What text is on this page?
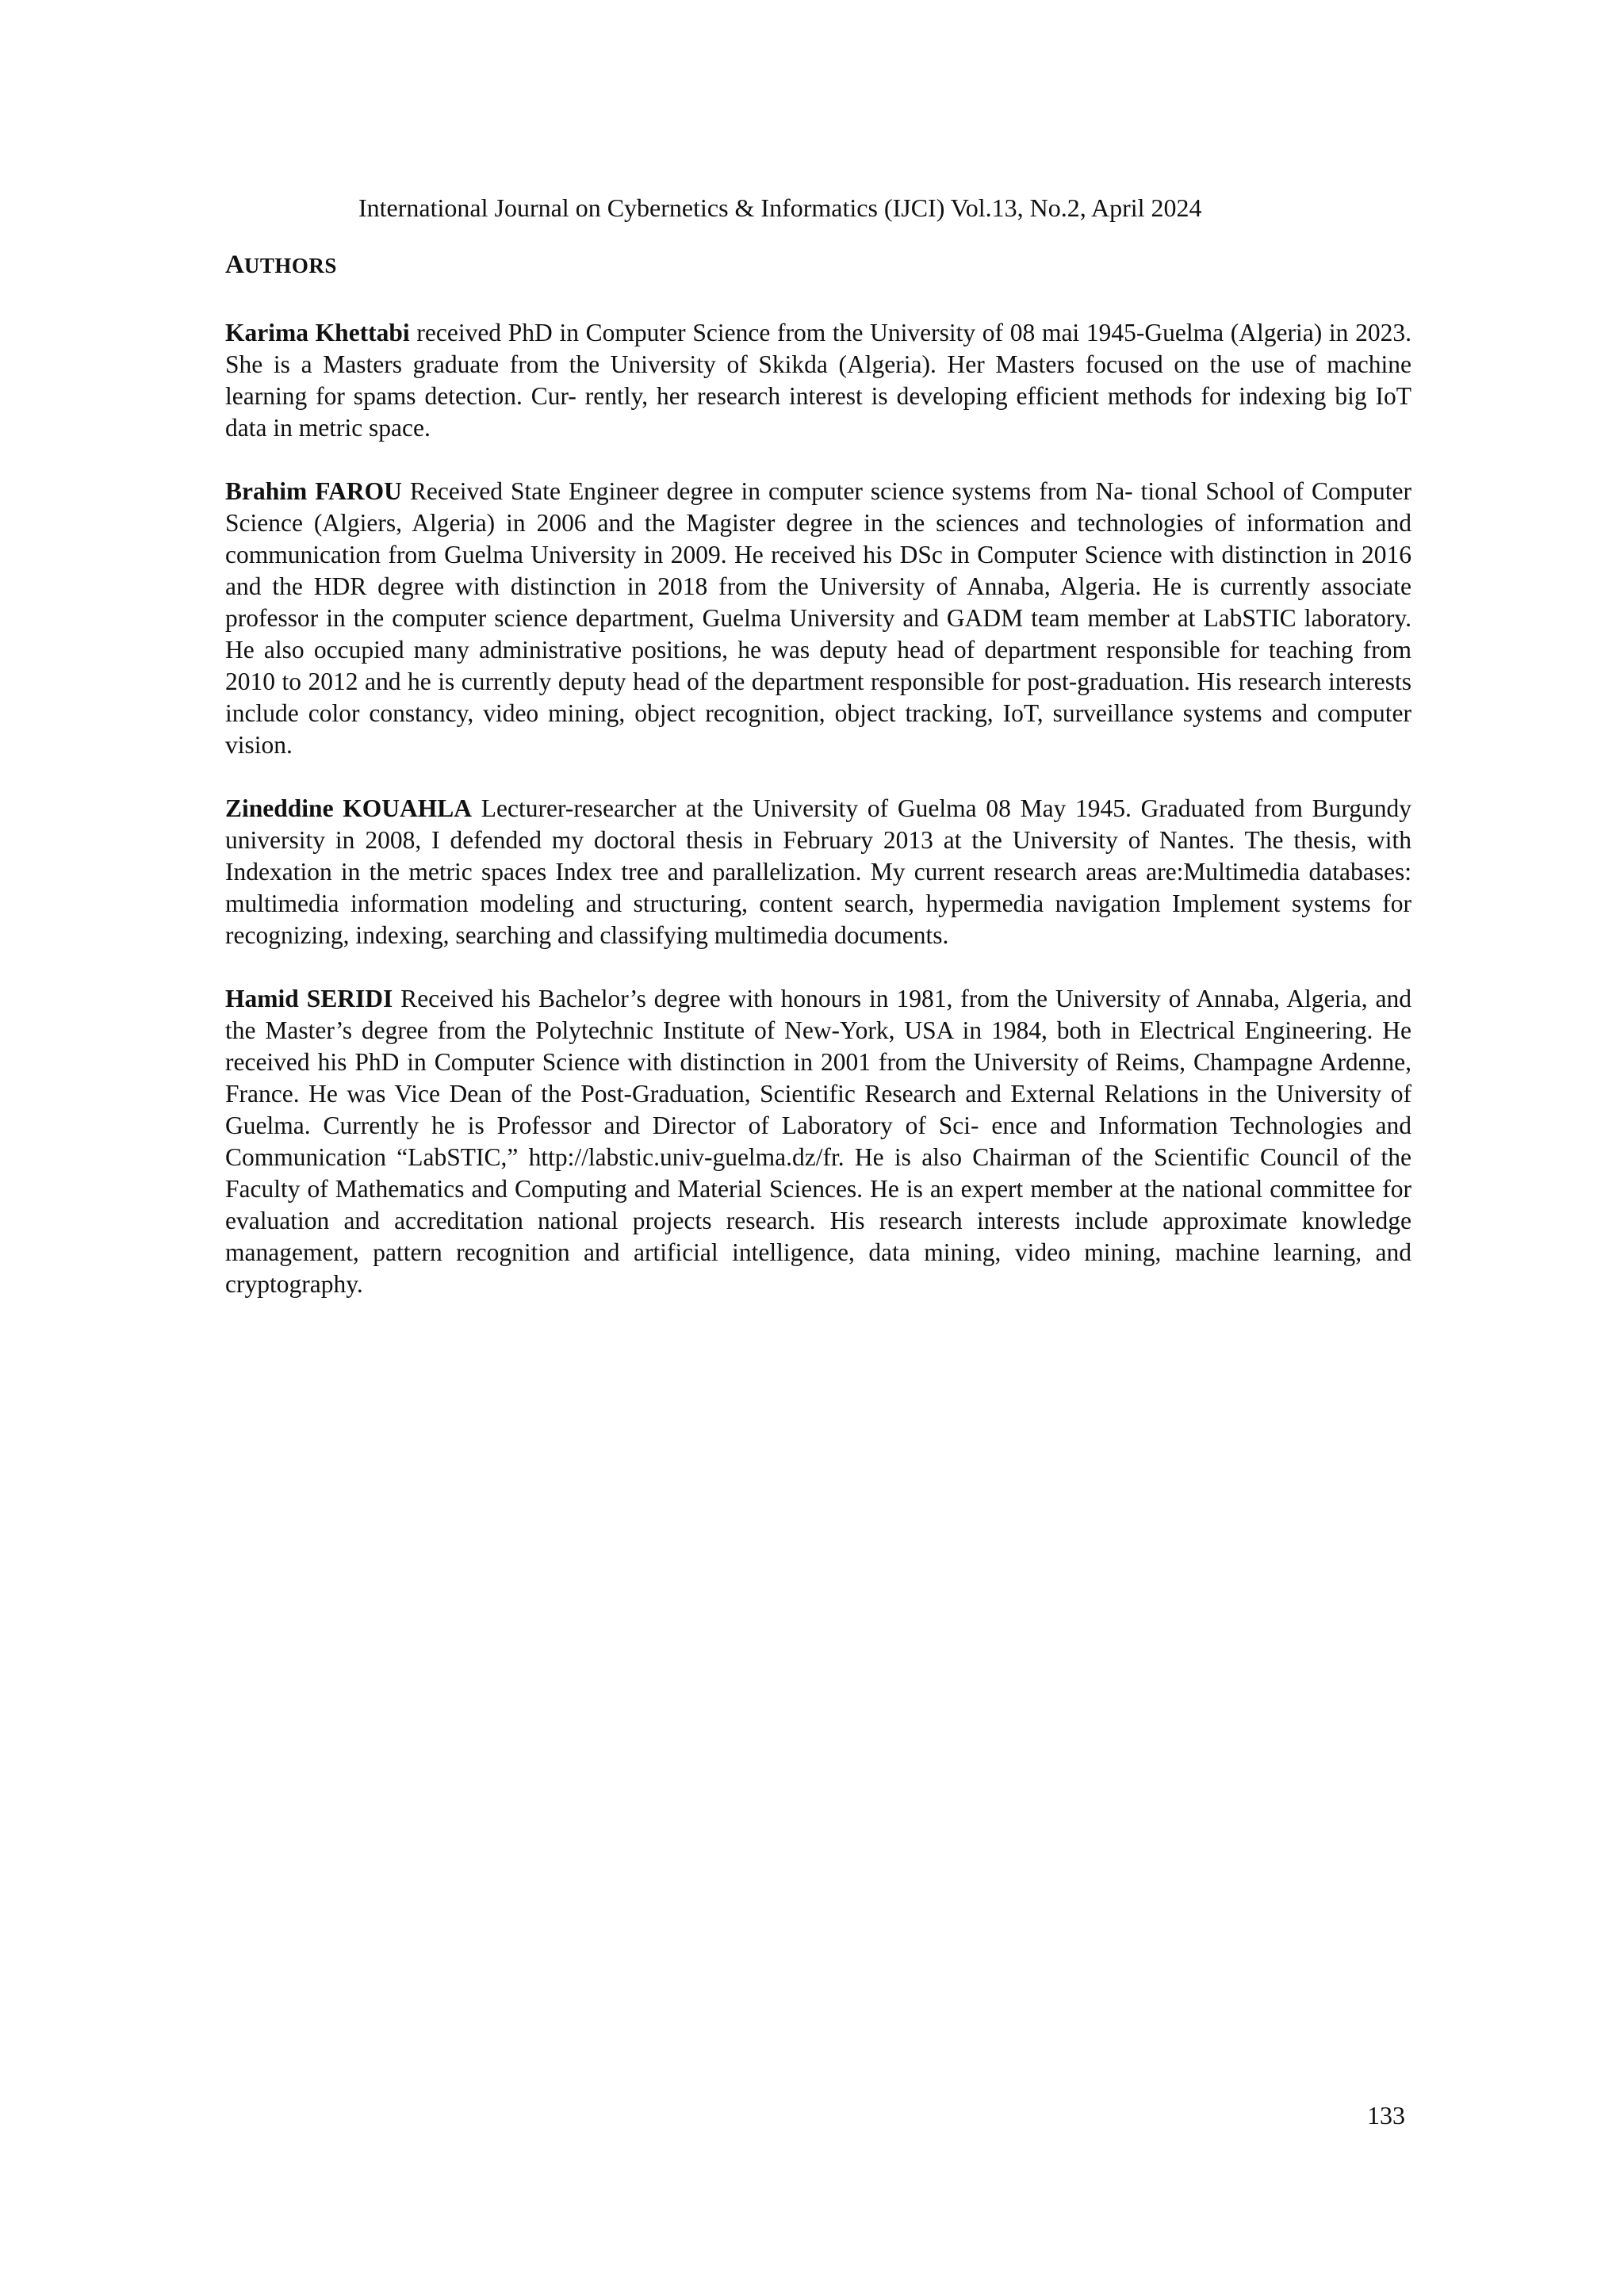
International Journal on Cybernetics & Informatics (IJCI) Vol.13, No.2, April 2024
AUTHORS

Karima Khettabi received PhD in Computer Science from the University of 08 mai 1945-Guelma (Algeria) in 2023. She is a Masters graduate from the University of Skikda (Algeria). Her Masters focused on the use of machine learning for spams detection. Cur- rently, her research interest is developing efficient methods for indexing big IoT data in metric space.

Brahim FAROU Received State Engineer degree in computer science systems from Na- tional School of Computer Science (Algiers, Algeria) in 2006 and the Magister degree in the sciences and technologies of information and communication from Guelma University in 2009. He received his DSc in Computer Science with distinction in 2016 and the HDR degree with distinction in 2018 from the University of Annaba, Algeria. He is currently associate professor in the computer science department, Guelma University and GADM team member at LabSTIC laboratory. He also occupied many administrative positions, he was deputy head of department responsible for teaching from 2010 to 2012 and he is currently deputy head of the department responsible for post-graduation. His research interests include color constancy, video mining, object recognition, object tracking, IoT, surveillance systems and computer vision.

Zineddine KOUAHLA Lecturer-researcher at the University of Guelma 08 May 1945. Graduated from Burgundy university in 2008, I defended my doctoral thesis in February 2013 at the University of Nantes. The thesis, with Indexation in the metric spaces Index tree and parallelization. My current research areas are:Multimedia databases: multimedia information modeling and structuring, content search, hypermedia navigation Implement systems for recognizing, indexing, searching and classifying multimedia documents.

Hamid SERIDI Received his Bachelor’s degree with honours in 1981, from the University of Annaba, Algeria, and the Master’s degree from the Polytechnic Institute of New-York, USA in 1984, both in Electrical Engineering. He received his PhD in Computer Science with distinction in 2001 from the University of Reims, Champagne Ardenne, France. He was Vice Dean of the Post-Graduation, Scientific Research and External Relations in the University of Guelma. Currently he is Professor and Director of Laboratory of Sci- ence and Information Technologies and Communication “LabSTIC,” http://labstic.univ-guelma.dz/fr. He is also Chairman of the Scientific Council of the Faculty of Mathematics and Computing and Material Sciences. He is an expert member at the national committee for evaluation and accreditation national projects research. His research interests include approximate knowledge management, pattern recognition and artificial intelligence, data mining, video mining, machine learning, and cryptography.

133
